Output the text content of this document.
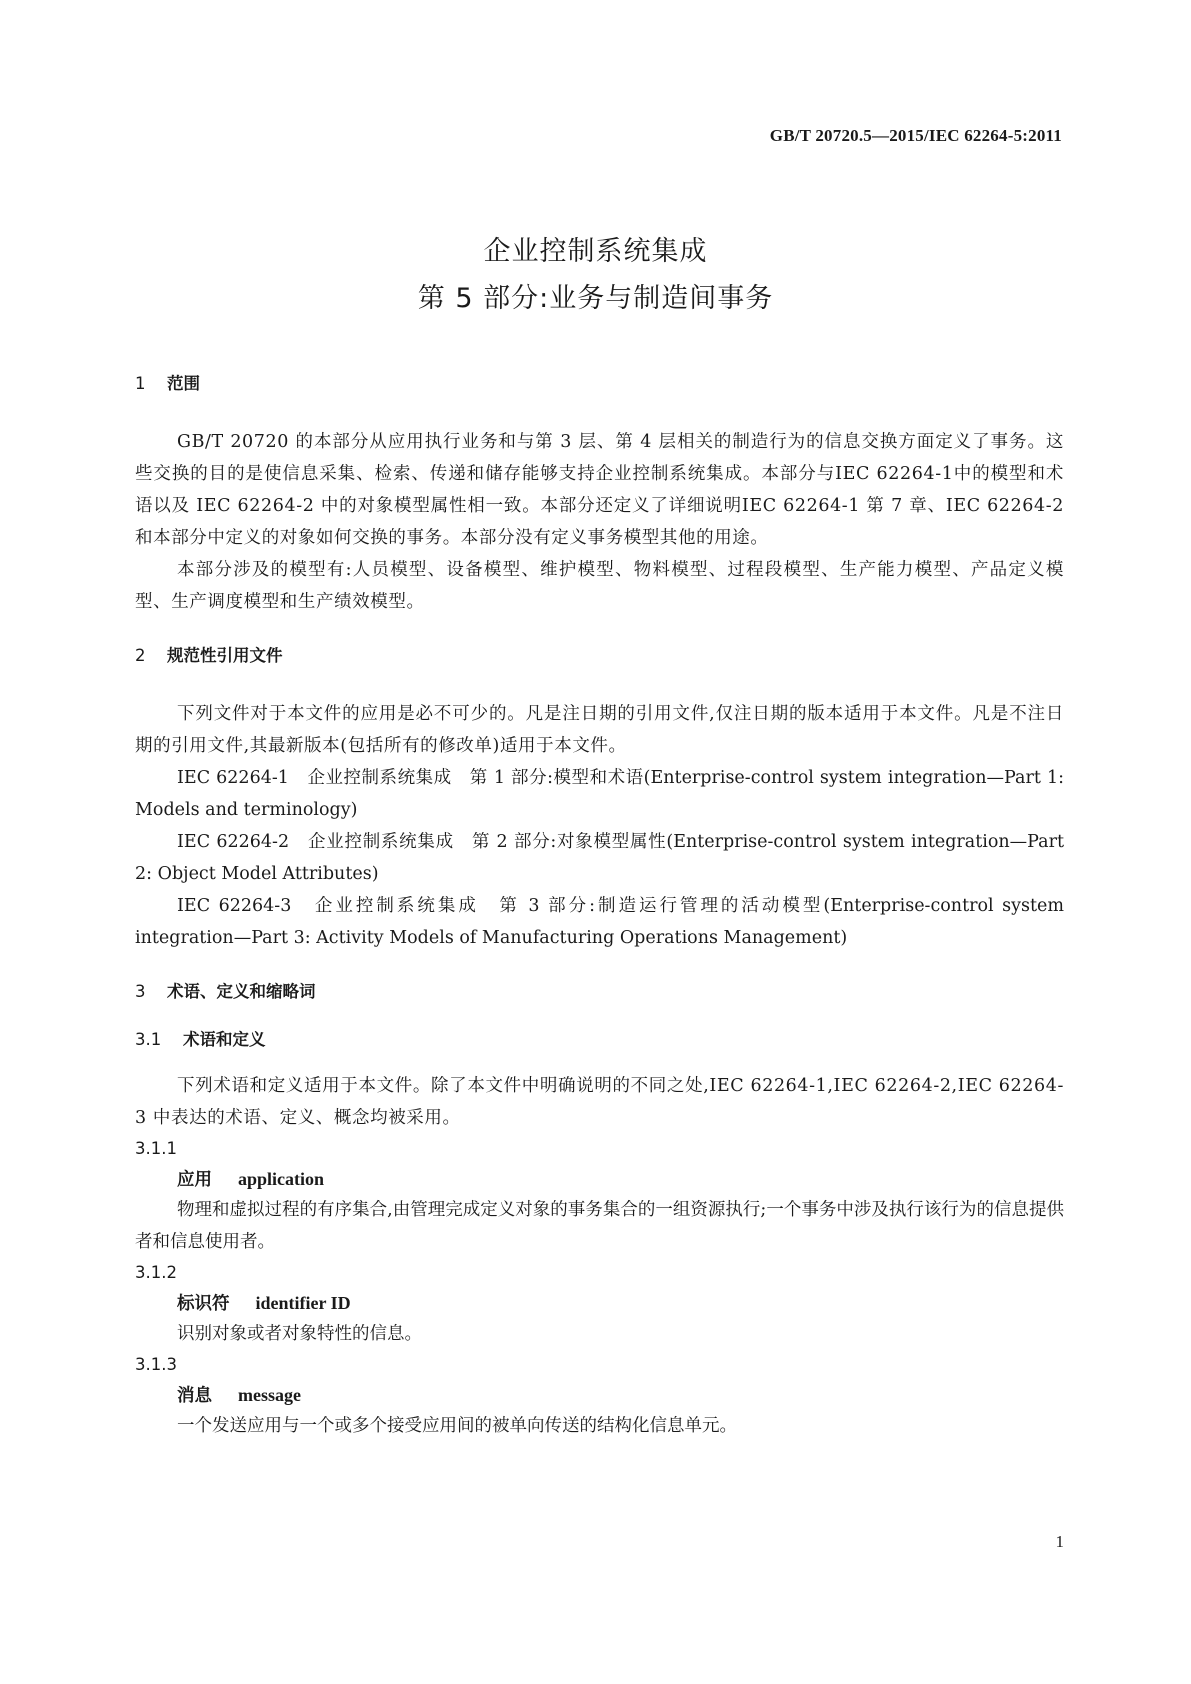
GB/T 20720.5—2015/IEC 62264-5:2011
企业控制系统集成
第 5 部分:业务与制造间事务
1 范围
GB/T 20720 的本部分从应用执行业务和与第 3 层、第 4 层相关的制造行为的信息交换方面定义了事务。这些交换的目的是使信息采集、检索、传递和储存能够支持企业控制系统集成。本部分与IEC 62264-1中的模型和术语以及 IEC 62264-2 中的对象模型属性相一致。本部分还定义了详细说明IEC 62264-1 第 7 章、IEC 62264-2 和本部分中定义的对象如何交换的事务。本部分没有定义事务模型其他的用途。
本部分涉及的模型有:人员模型、设备模型、维护模型、物料模型、过程段模型、生产能力模型、产品定义模型、生产调度模型和生产绩效模型。
2 规范性引用文件
下列文件对于本文件的应用是必不可少的。凡是注日期的引用文件,仅注日期的版本适用于本文件。凡是不注日期的引用文件,其最新版本(包括所有的修改单)适用于本文件。
IEC 62264-1　企业控制系统集成　第 1 部分:模型和术语(Enterprise-control system integration—Part 1: Models and terminology)
IEC 62264-2　企业控制系统集成　第 2 部分:对象模型属性(Enterprise-control system integration—Part 2: Object Model Attributes)
IEC 62264-3　企业控制系统集成　第 3 部分:制造运行管理的活动模型(Enterprise-control system integration—Part 3: Activity Models of Manufacturing Operations Management)
3 术语、定义和缩略词
3.1 术语和定义
下列术语和定义适用于本文件。除了本文件中明确说明的不同之处,IEC 62264-1,IEC 62264-2,IEC 62264-3 中表达的术语、定义、概念均被采用。
3.1.1
应用 application
物理和虚拟过程的有序集合,由管理完成定义对象的事务集合的一组资源执行;一个事务中涉及执行该行为的信息提供者和信息使用者。
3.1.2
标识符 identifier ID
识别对象或者对象特性的信息。
3.1.3
消息 message
一个发送应用与一个或多个接受应用间的被单向传送的结构化信息单元。
1
